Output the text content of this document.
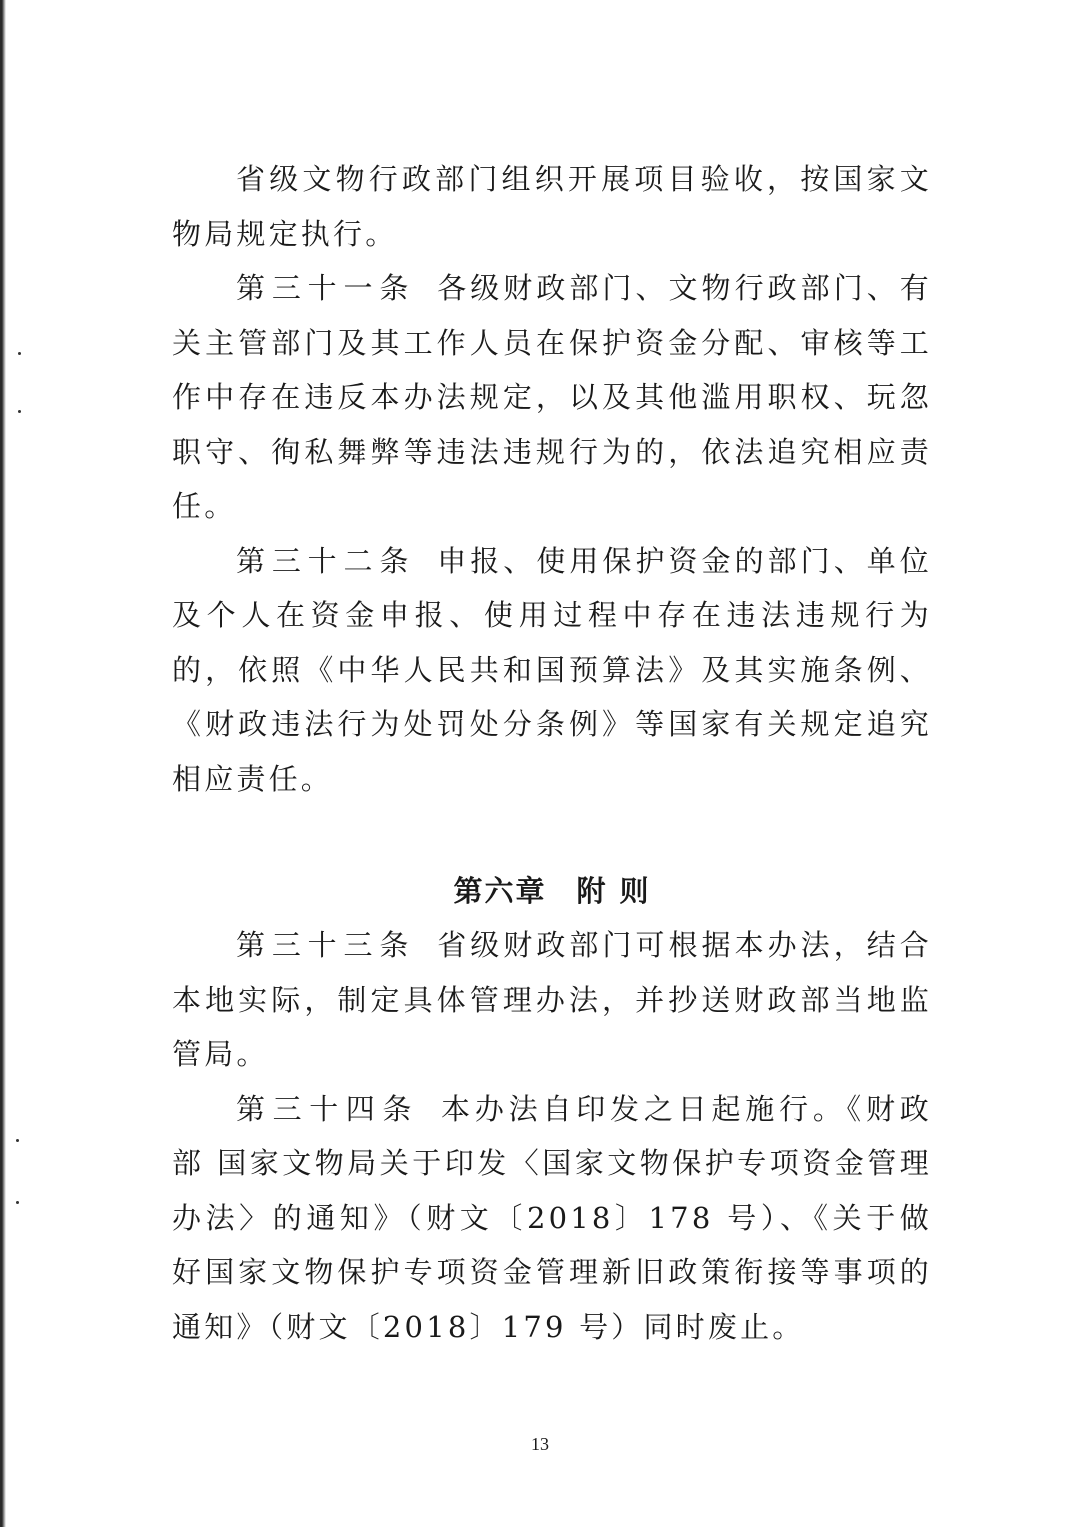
省级文物行政部门组织开展项目验收，按国家文物局规定执行。

第三十一条 各级财政部门、文物行政部门、有关主管部门及其工作人员在保护资金分配、审核等工作中存在违反本办法规定，以及其他滥用职权、玩忽职守、徇私舞弊等违法违规行为的，依法追究相应责任。

第三十二条 申报、使用保护资金的部门、单位及个人在资金申报、使用过程中存在违法违规行为的，依照《中华人民共和国预算法》及其实施条例、《财政违法行为处罚处分条例》等国家有关规定追究相应责任。

第六章 附 则

第三十三条 省级财政部门可根据本办法，结合本地实际，制定具体管理办法，并抄送财政部当地监管局。

第三十四条 本办法自印发之日起施行。《财政部 国家文物局关于印发〈国家文物保护专项资金管理办法〉的通知》（财文〔2018〕178 号）、《关于做好国家文物保护专项资金管理新旧政策衔接等事项的通知》（财文〔2018〕179 号）同时废止。

13
